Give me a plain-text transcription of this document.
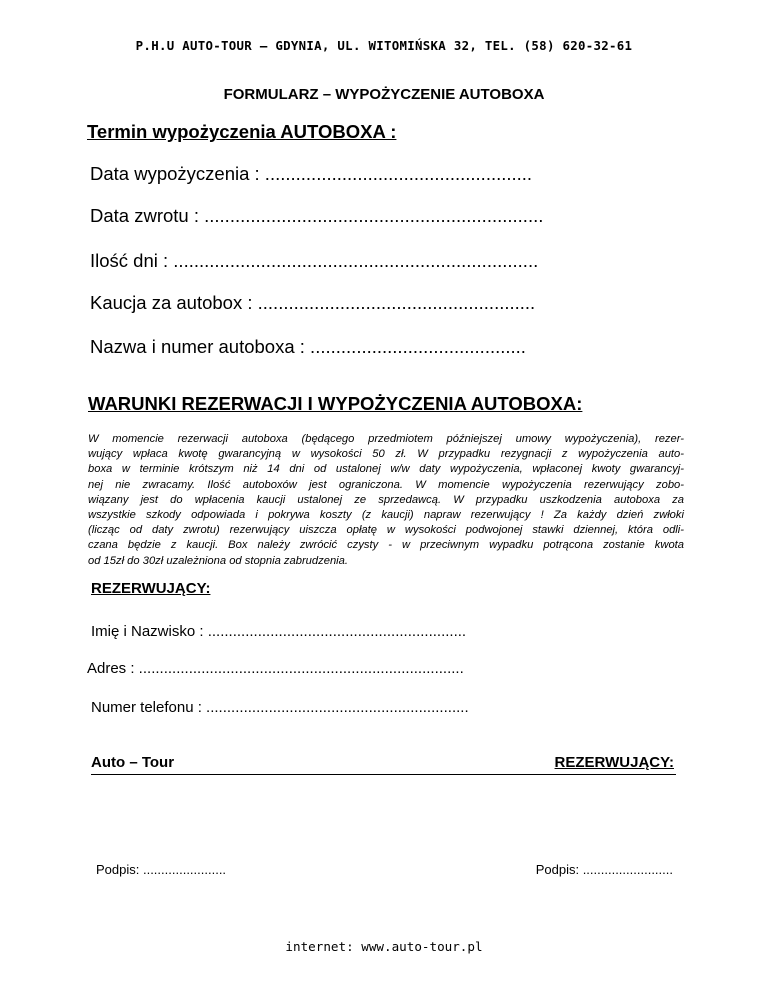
P.H.U AUTO-TOUR – GDYNIA, UL. WITOMIŃSKA 32, TEL. (58) 620-32-61
FORMULARZ – WYPOŻYCZENIE AUTOBOXA
Termin wypożyczenia AUTOBOXA :
Data wypożyczenia : ....................................................
Data zwrotu : ..................................................................
Ilość dni : .......................................................................
Kaucja za autobox : ......................................................
Nazwa i numer autoboxa : ..........................................
WARUNKI REZERWACJI I WYPOŻYCZENIA AUTOBOXA:
W momencie rezerwacji autoboxa (będącego przedmiotem późniejszej umowy wypożyczenia), rezer-
wujący wpłaca kwotę gwarancyjną w wysokości 50 zł. W przypadku rezygnacji z wypożyczenia auto-
boxa w terminie krótszym niż 14 dni od ustalonej w/w daty wypożyczenia, wpłaconej kwoty gwarancyj-
nej nie zwracamy. Ilość autoboxów jest ograniczona. W momencie wypożyczenia rezerwujący zobo-
wiązany jest do wpłacenia kaucji ustalonej ze sprzedawcą. W przypadku uszkodzenia autoboxa za
wszystkie szkody odpowiada i pokrywa koszty (z kaucji) napraw rezerwujący ! Za każdy dzień zwłoki
(licząc od daty zwrotu) rezerwujący uiszcza opłatę w wysokości podwojonej stawki dziennej, która odli-
czana będzie z kaucji. Box należy zwrócić czysty - w przeciwnym wypadku potrącona zostanie kwota
od 15zł do 30zł uzależniona od stopnia zabrudzenia.
REZERWUJĄCY:
Imię i Nazwisko : ..............................................................
Adres : ..............................................................................
Numer telefonu : ...............................................................
Auto – Tour	REZERWUJĄCY:
Podpis: .......................	Podpis: .........................
internet: www.auto-tour.pl
